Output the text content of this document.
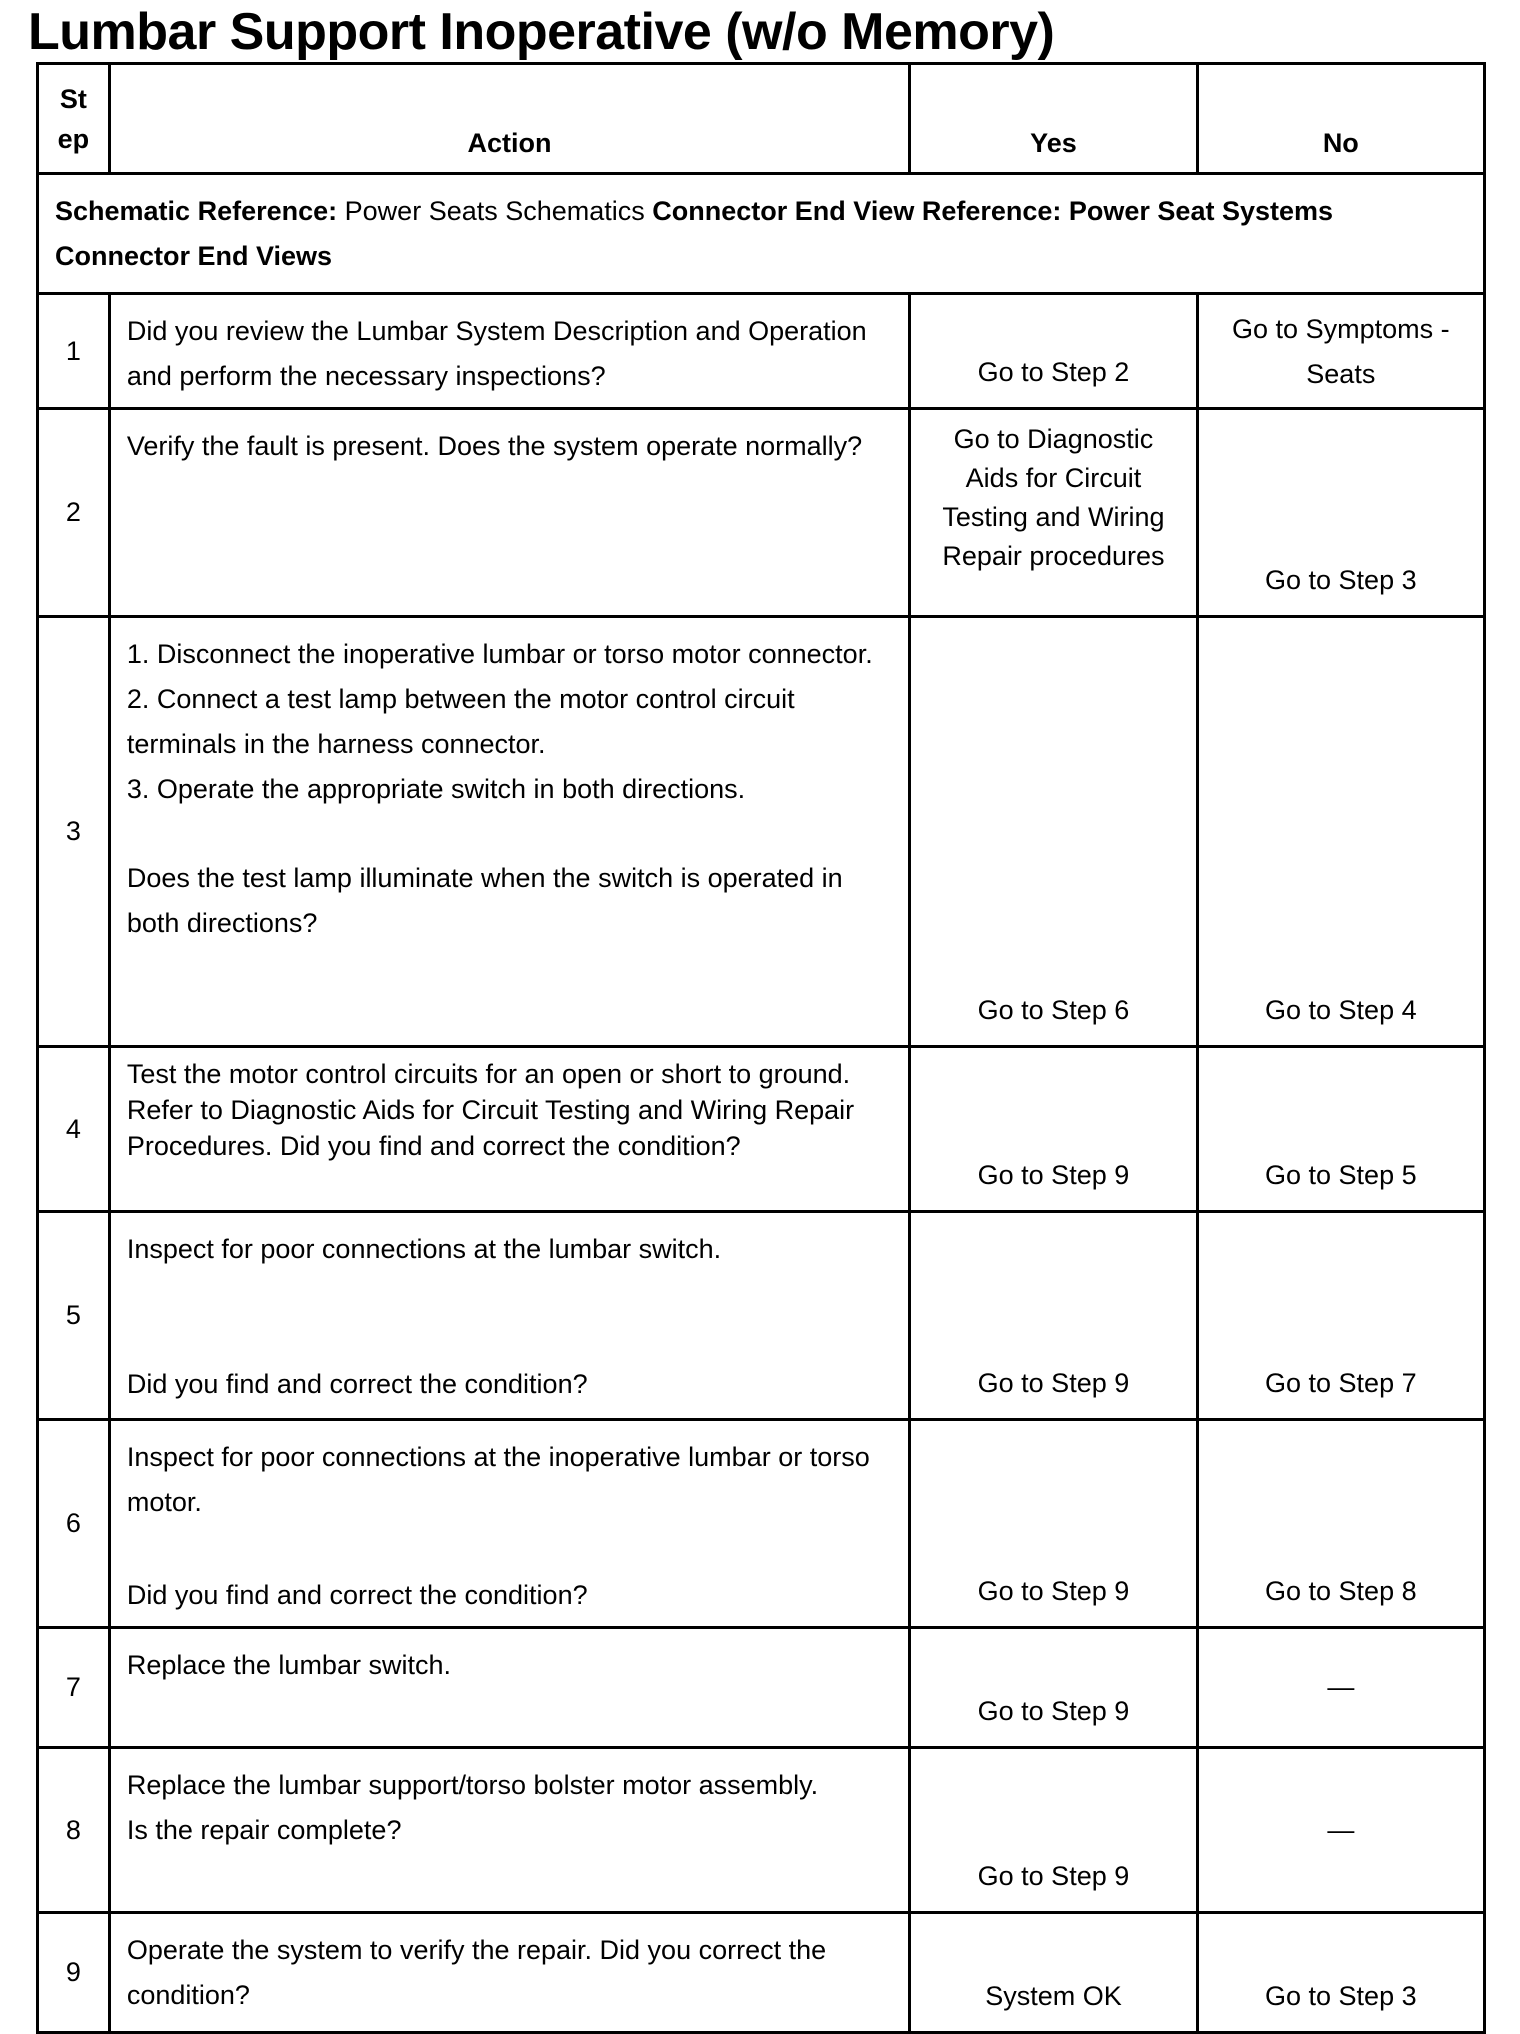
Lumbar Support Inoperative (w/o Memory)
St
ep	Action	Yes	No
Schematic Reference: Power Seats Schematics Connector End View Reference: Power Seat Systems Connector End Views			
1	Did you review the Lumbar System Description and Operation and perform the necessary inspections?	Go to Step 2	Go to Symptoms - Seats
2	Verify the fault is present. Does the system operate normally?	Go to Diagnostic Aids for Circuit Testing and Wiring Repair procedures	Go to Step 3
3	1. Disconnect the inoperative lumbar or torso motor connector.
2. Connect a test lamp between the motor control circuit terminals in the harness connector.
3. Operate the appropriate switch in both directions.
Does the test lamp illuminate when the switch is operated in both directions?	Go to Step 6	Go to Step 4
4	Test the motor control circuits for an open or short to ground. Refer to Diagnostic Aids for Circuit Testing and Wiring Repair Procedures. Did you find and correct the condition?	Go to Step 9	Go to Step 5
5	Inspect for poor connections at the lumbar switch.
Did you find and correct the condition?	Go to Step 9	Go to Step 7
6	Inspect for poor connections at the inoperative lumbar or torso motor.
Did you find and correct the condition?	Go to Step 9	Go to Step 8
7	Replace the lumbar switch.	Go to Step 9	—
8	Replace the lumbar support/torso bolster motor assembly.
Is the repair complete?	Go to Step 9	—
9	Operate the system to verify the repair. Did you correct the condition?	System OK	Go to Step 3
